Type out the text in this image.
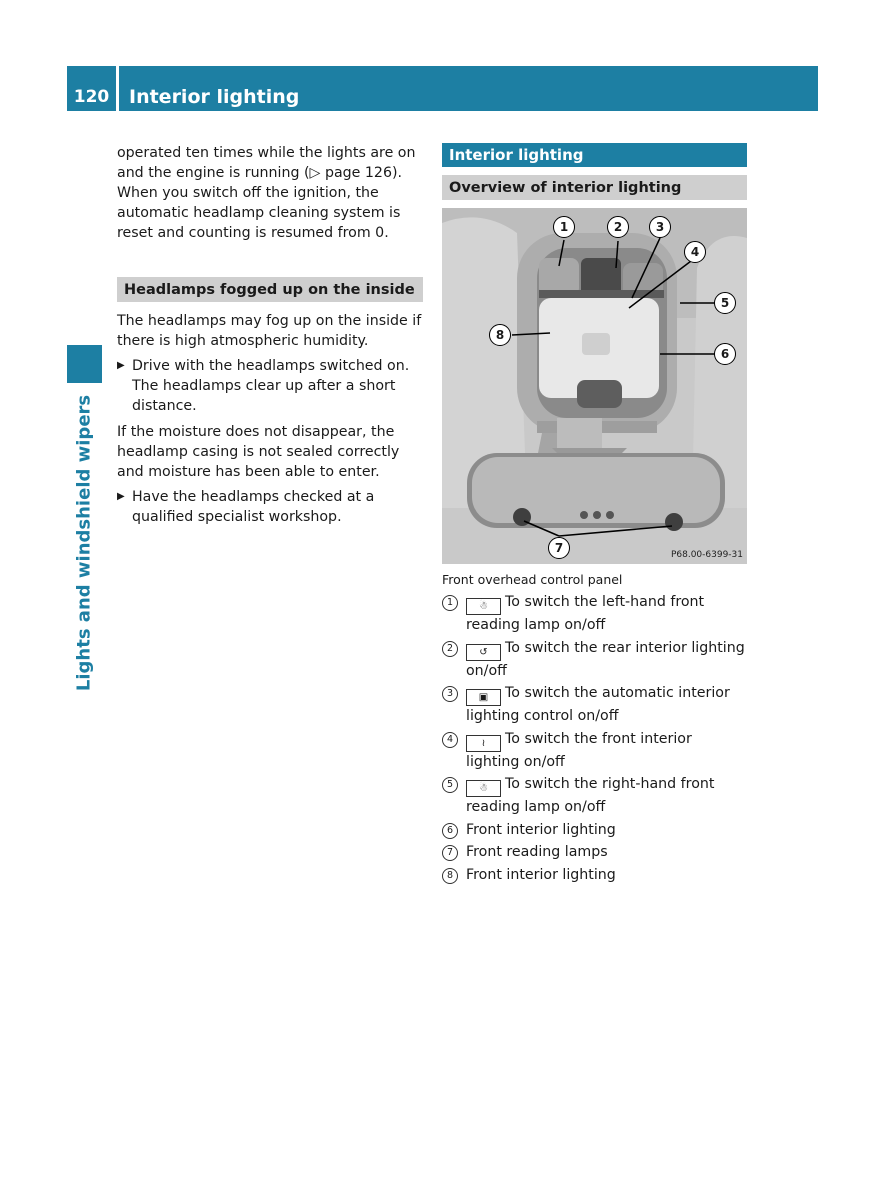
120	Interior lighting
Lights and windshield wipers

operated ten times while the lights are on and the engine is running (▷ page 126). When you switch off the ignition, the automatic headlamp cleaning system is reset and counting is resumed from 0.

Headlamps fogged up on the inside

The headlamps may fog up on the inside if there is high atmospheric humidity.

▶ Drive with the headlamps switched on. The headlamps clear up after a short distance.

If the moisture does not disappear, the headlamp casing is not sealed correctly and moisture has been able to enter.

▶ Have the headlamps checked at a qualified specialist workshop.
Interior lighting
Overview of interior lighting
1	2	3
4
5
6
7
8
P68.00-6399-31
Front overhead control panel
1	☃ To switch the left-hand front reading lamp on/off
2	↺ To switch the rear interior lighting on/off
3	▣ To switch the automatic interior lighting control on/off
4	≀ To switch the front interior lighting on/off
5	☃ To switch the right-hand front reading lamp on/off
6 Front interior lighting
7 Front reading lamps
8 Front interior lighting
